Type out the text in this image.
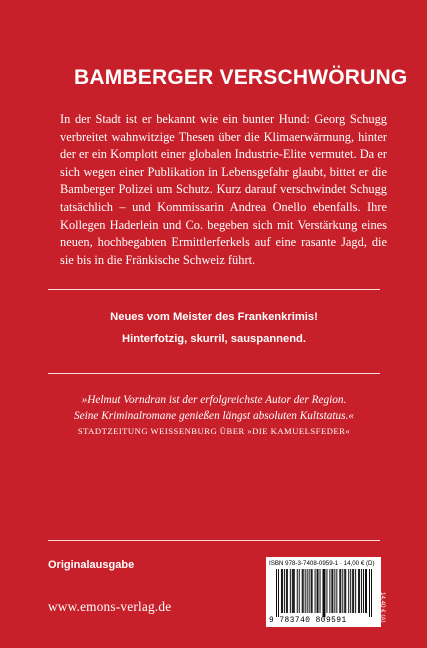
BAMBERGER VERSCHWÖRUNG

In der Stadt ist er bekannt wie ein bunter Hund: Georg Schugg verbreitet wahnwitzige Thesen über die Klimaerwärmung, hinter der er ein Komplott einer globalen Industrie-Elite vermutet. Da er sich wegen einer Publikation in Lebensgefahr glaubt, bittet er die Bamberger Polizei um Schutz. Kurz darauf verschwindet Schugg tatsächlich – und Kommissarin Andrea Onello ebenfalls. Ihre Kollegen Haderlein und Co. begeben sich mit Verstärkung eines neuen, hochbegabten Ermittlerferkels auf eine rasante Jagd, die sie bis in die Fränkische Schweiz führt.

Neues vom Meister des Frankenkrimis!
Hinterfotzig, skurril, sauspannend.
»Helmut Vorndran ist der erfolgreichste Autor der Region.
Seine Kriminalromane genießen längst absoluten Kultstatus.«
STADTZEITUNG WEISSENBURG ÜBER »DIE KAMUELSFEDER«
Originalausgabe
www.emons-verlag.de
ISBN 978-3-7408-0959-1 · 14,00 € (D)
9 783740 809591	14,40 € (A)
